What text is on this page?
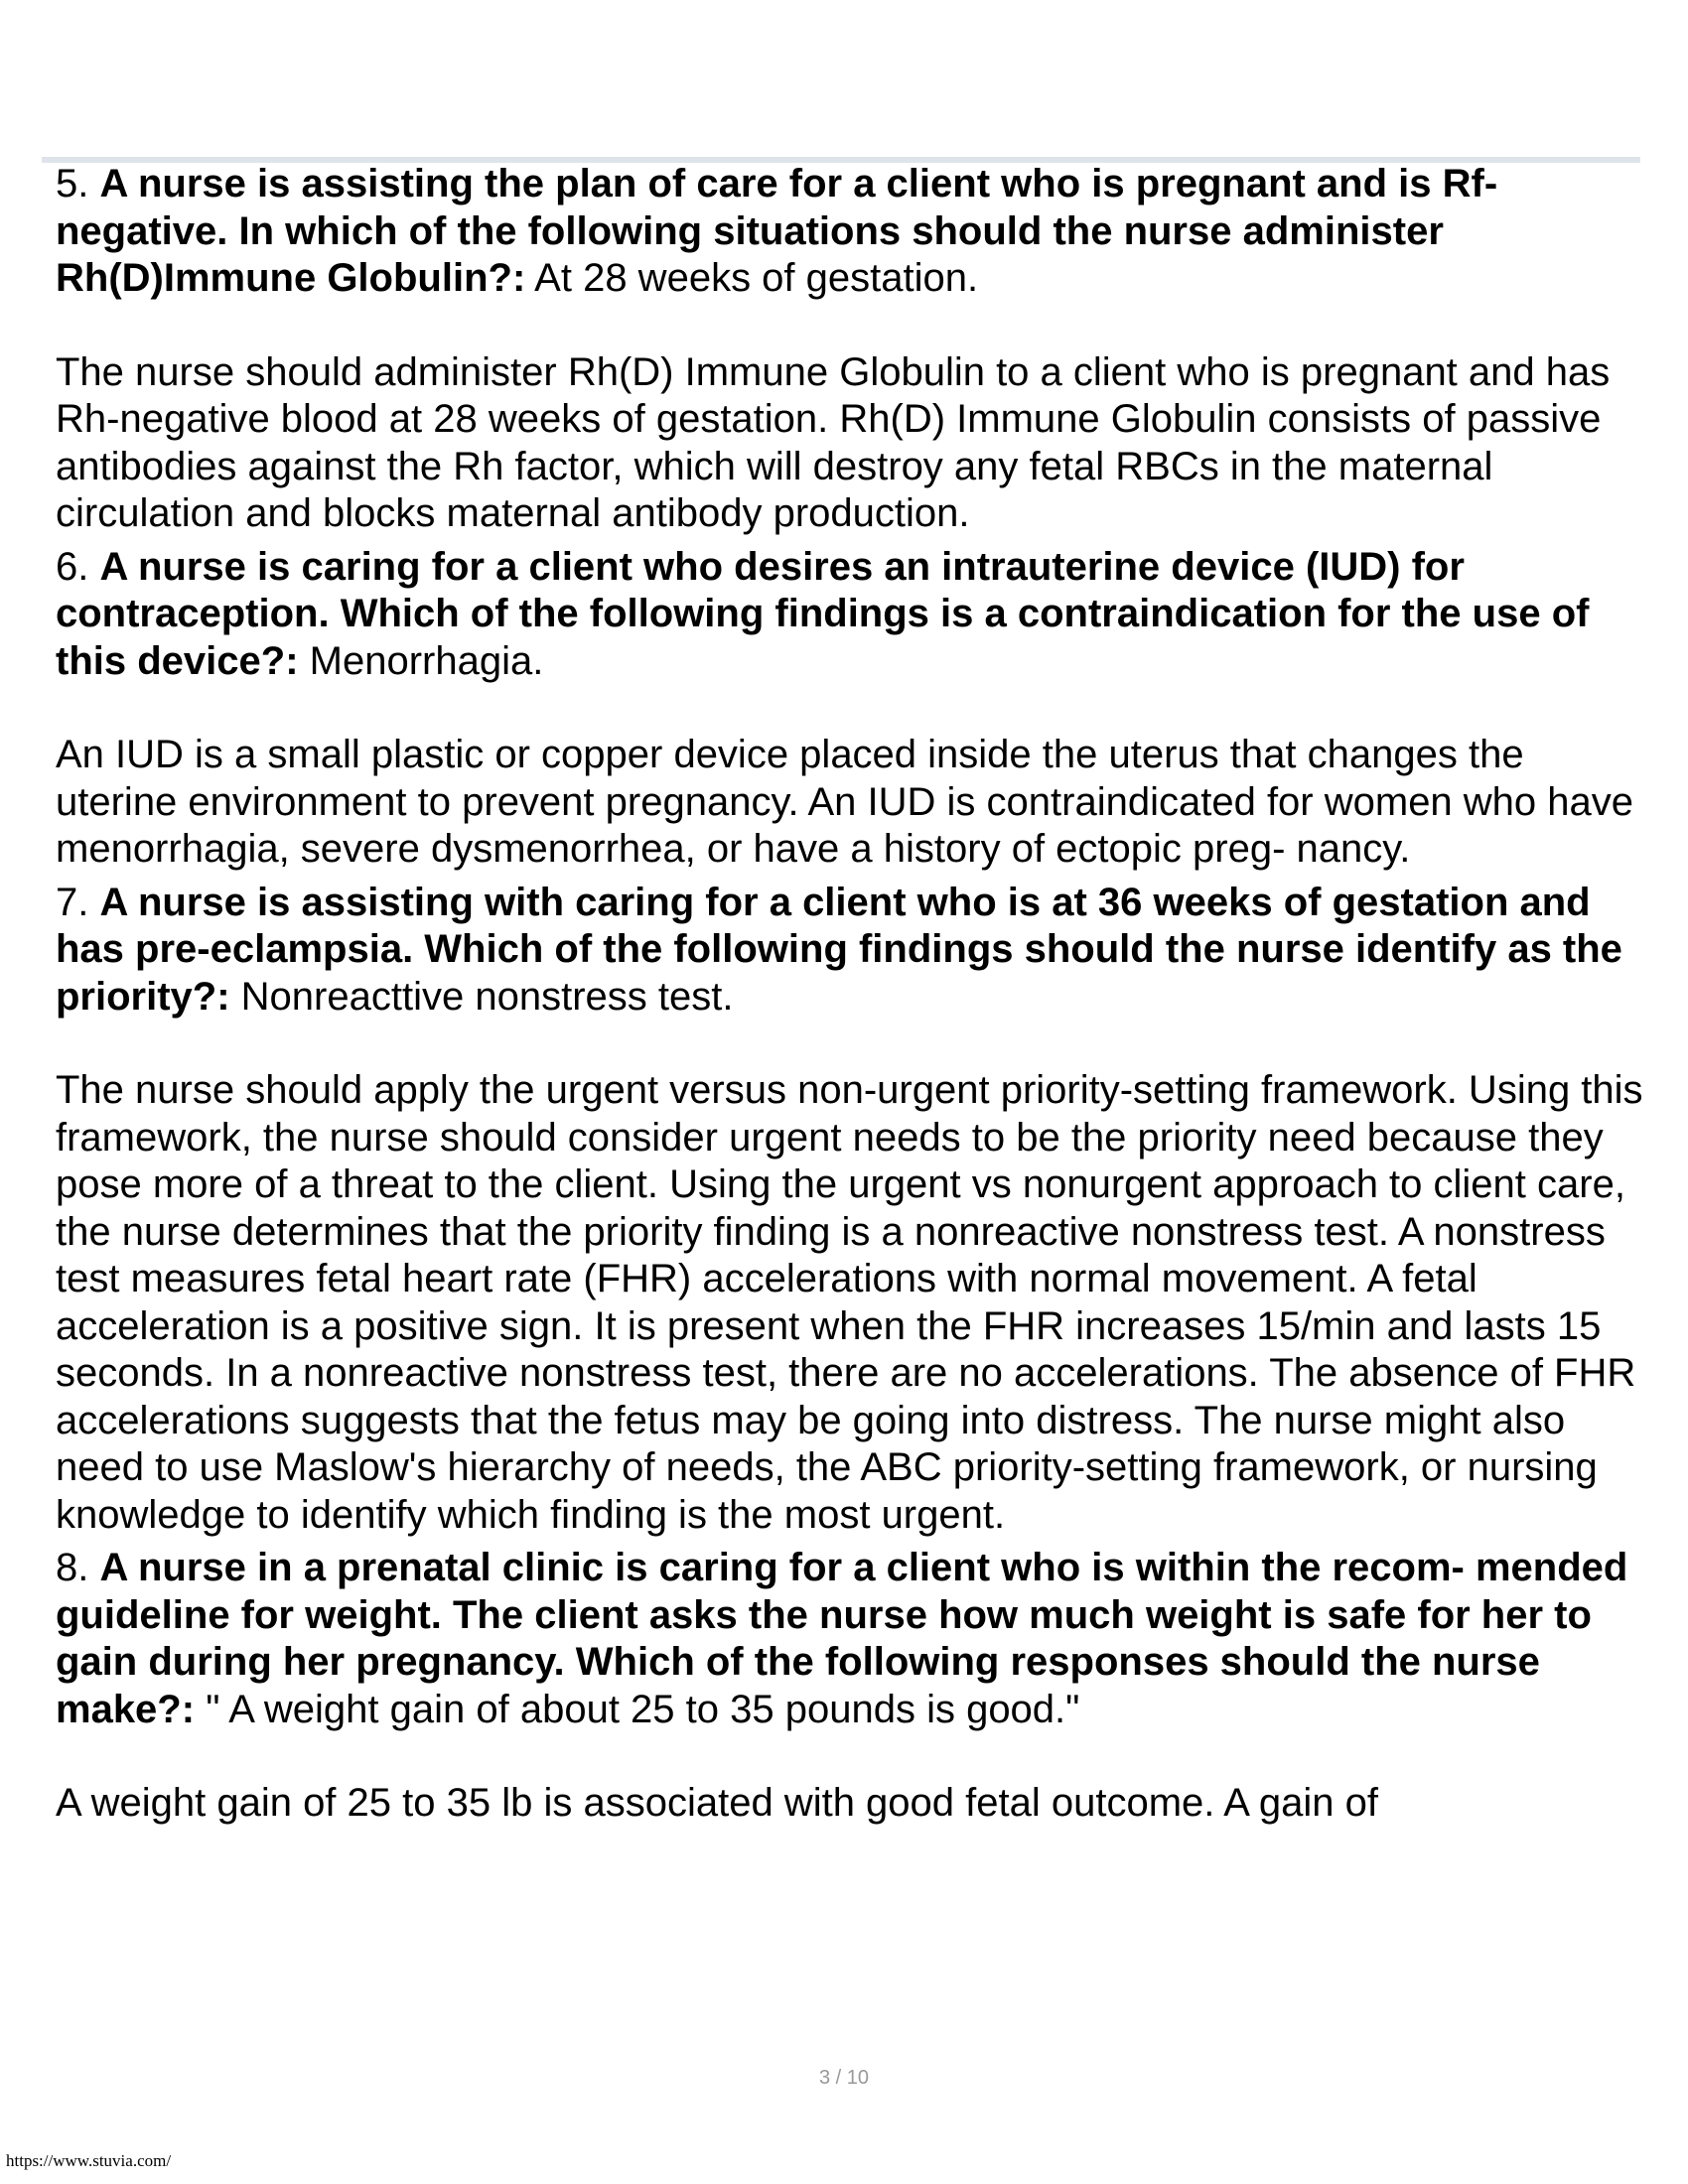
5. A nurse is assisting the plan of care for a client who is pregnant and is Rf-negative. In which of the following situations should the nurse administer Rh(D)Immune Globulin?: At 28 weeks of gestation.

The nurse should administer Rh(D) Immune Globulin to a client who is pregnant and has Rh-negative blood at 28 weeks of gestation. Rh(D) Immune Globulin consists of passive antibodies against the Rh factor, which will destroy any fetal RBCs in the maternal circulation and blocks maternal antibody production.

6. A nurse is caring for a client who desires an intrauterine device (IUD) for contraception. Which of the following findings is a contraindication for the use of this device?: Menorrhagia.

An IUD is a small plastic or copper device placed inside the uterus that changes the uterine environment to prevent pregnancy. An IUD is contraindicated for women who have menorrhagia, severe dysmenorrhea, or have a history of ectopic preg- nancy.

7. A nurse is assisting with caring for a client who is at 36 weeks of gestation and has pre-eclampsia. Which of the following findings should the nurse identify as the priority?: Nonreacttive nonstress test.

The nurse should apply the urgent versus non-urgent priority-setting framework. Using this framework, the nurse should consider urgent needs to be the priority need because they pose more of a threat to the client. Using the urgent vs nonurgent approach to client care, the nurse determines that the priority finding is a nonreactive nonstress test. A nonstress test measures fetal heart rate (FHR) accelerations with normal movement. A fetal acceleration is a positive sign. It is present when the FHR increases 15/min and lasts 15 seconds. In a nonreactive nonstress test, there are no accelerations. The absence of FHR accelerations suggests that the fetus may be going into distress. The nurse might also need to use Maslow's hierarchy of needs, the ABC priority-setting framework, or nursing knowledge to identify which finding is the most urgent.

8. A nurse in a prenatal clinic is caring for a client who is within the recom- mended guideline for weight. The client asks the nurse how much weight is safe for her to gain during her pregnancy. Which of the following responses should the nurse make?: " A weight gain of about 25 to 35 pounds is good."

A weight gain of 25 to 35 lb is associated with good fetal outcome. A gain of

3 / 10
https://www.stuvia.com/
